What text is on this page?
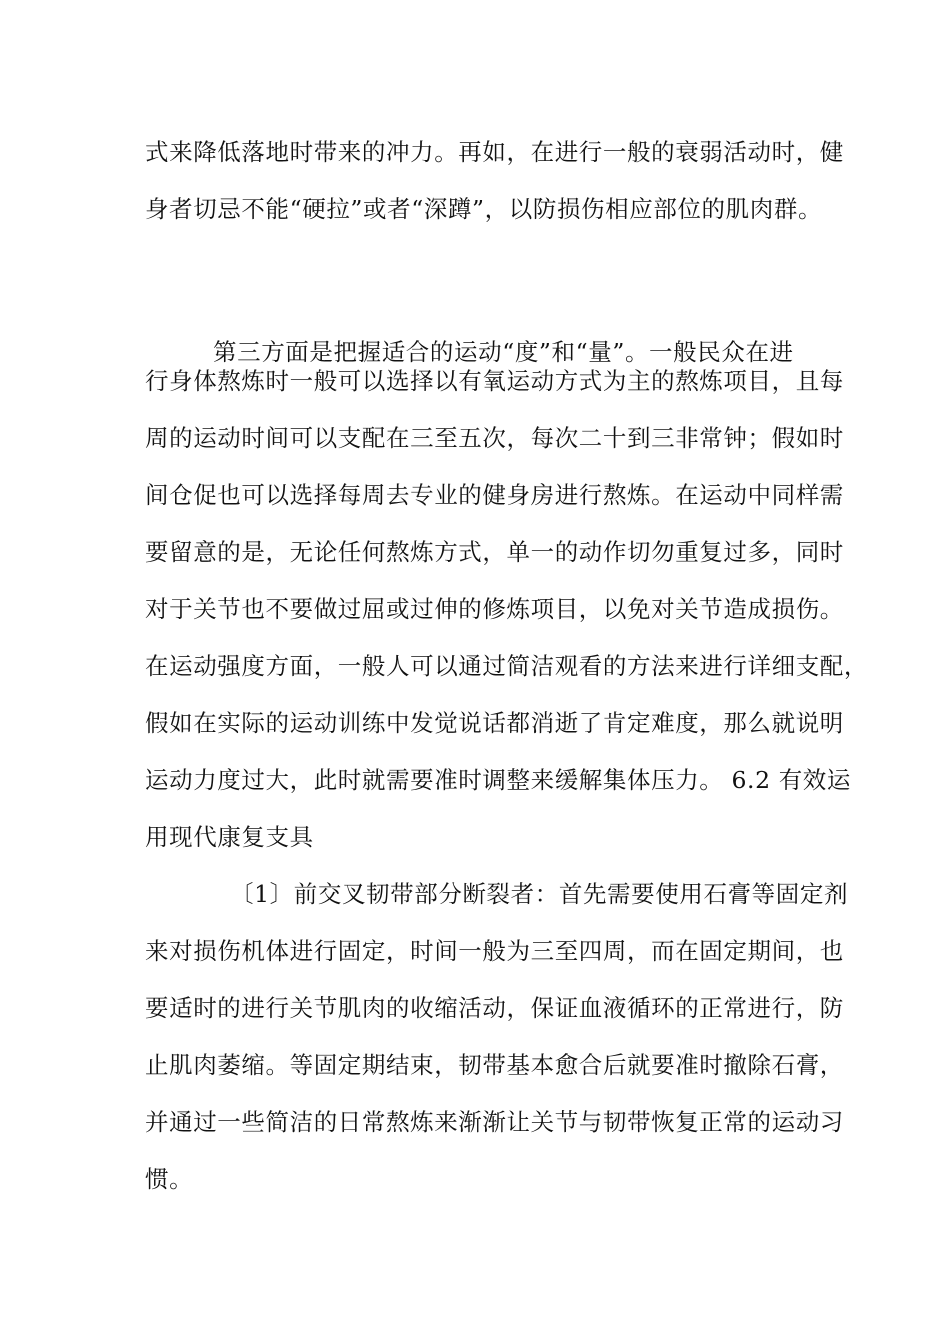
式来降低落地时带来的冲力。再如，在进行一般的衰弱活动时，健
身者切忌不能“硬拉”或者“深蹲”，以防损伤相应部位的肌肉群。
第三方面是把握适合的运动“度”和“量”。一般民众在进
行身体熬炼时一般可以选择以有氧运动方式为主的熬炼项目，且每
周的运动时间可以支配在三至五次，每次二十到三非常钟；假如时
间仓促也可以选择每周去专业的健身房进行熬炼。在运动中同样需
要留意的是，无论任何熬炼方式，单一的动作切勿重复过多，同时
对于关节也不要做过屈或过伸的修炼项目，以免对关节造成损伤。
在运动强度方面，一般人可以通过简洁观看的方法来进行详细支配，
假如在实际的运动训练中发觉说话都消逝了肯定难度，那么就说明
运动力度过大，此时就需要准时调整来缓解集体压力。 6.2 有效运
用现代康复支具
〔1〕前交叉韧带部分断裂者：首先需要使用石膏等固定剂
来对损伤机体进行固定，时间一般为三至四周，而在固定期间，也
要适时的进行关节肌肉的收缩活动，保证血液循环的正常进行，防
止肌肉萎缩。等固定期结束，韧带基本愈合后就要准时撤除石膏，
并通过一些简洁的日常熬炼来渐渐让关节与韧带恢复正常的运动习
惯。
